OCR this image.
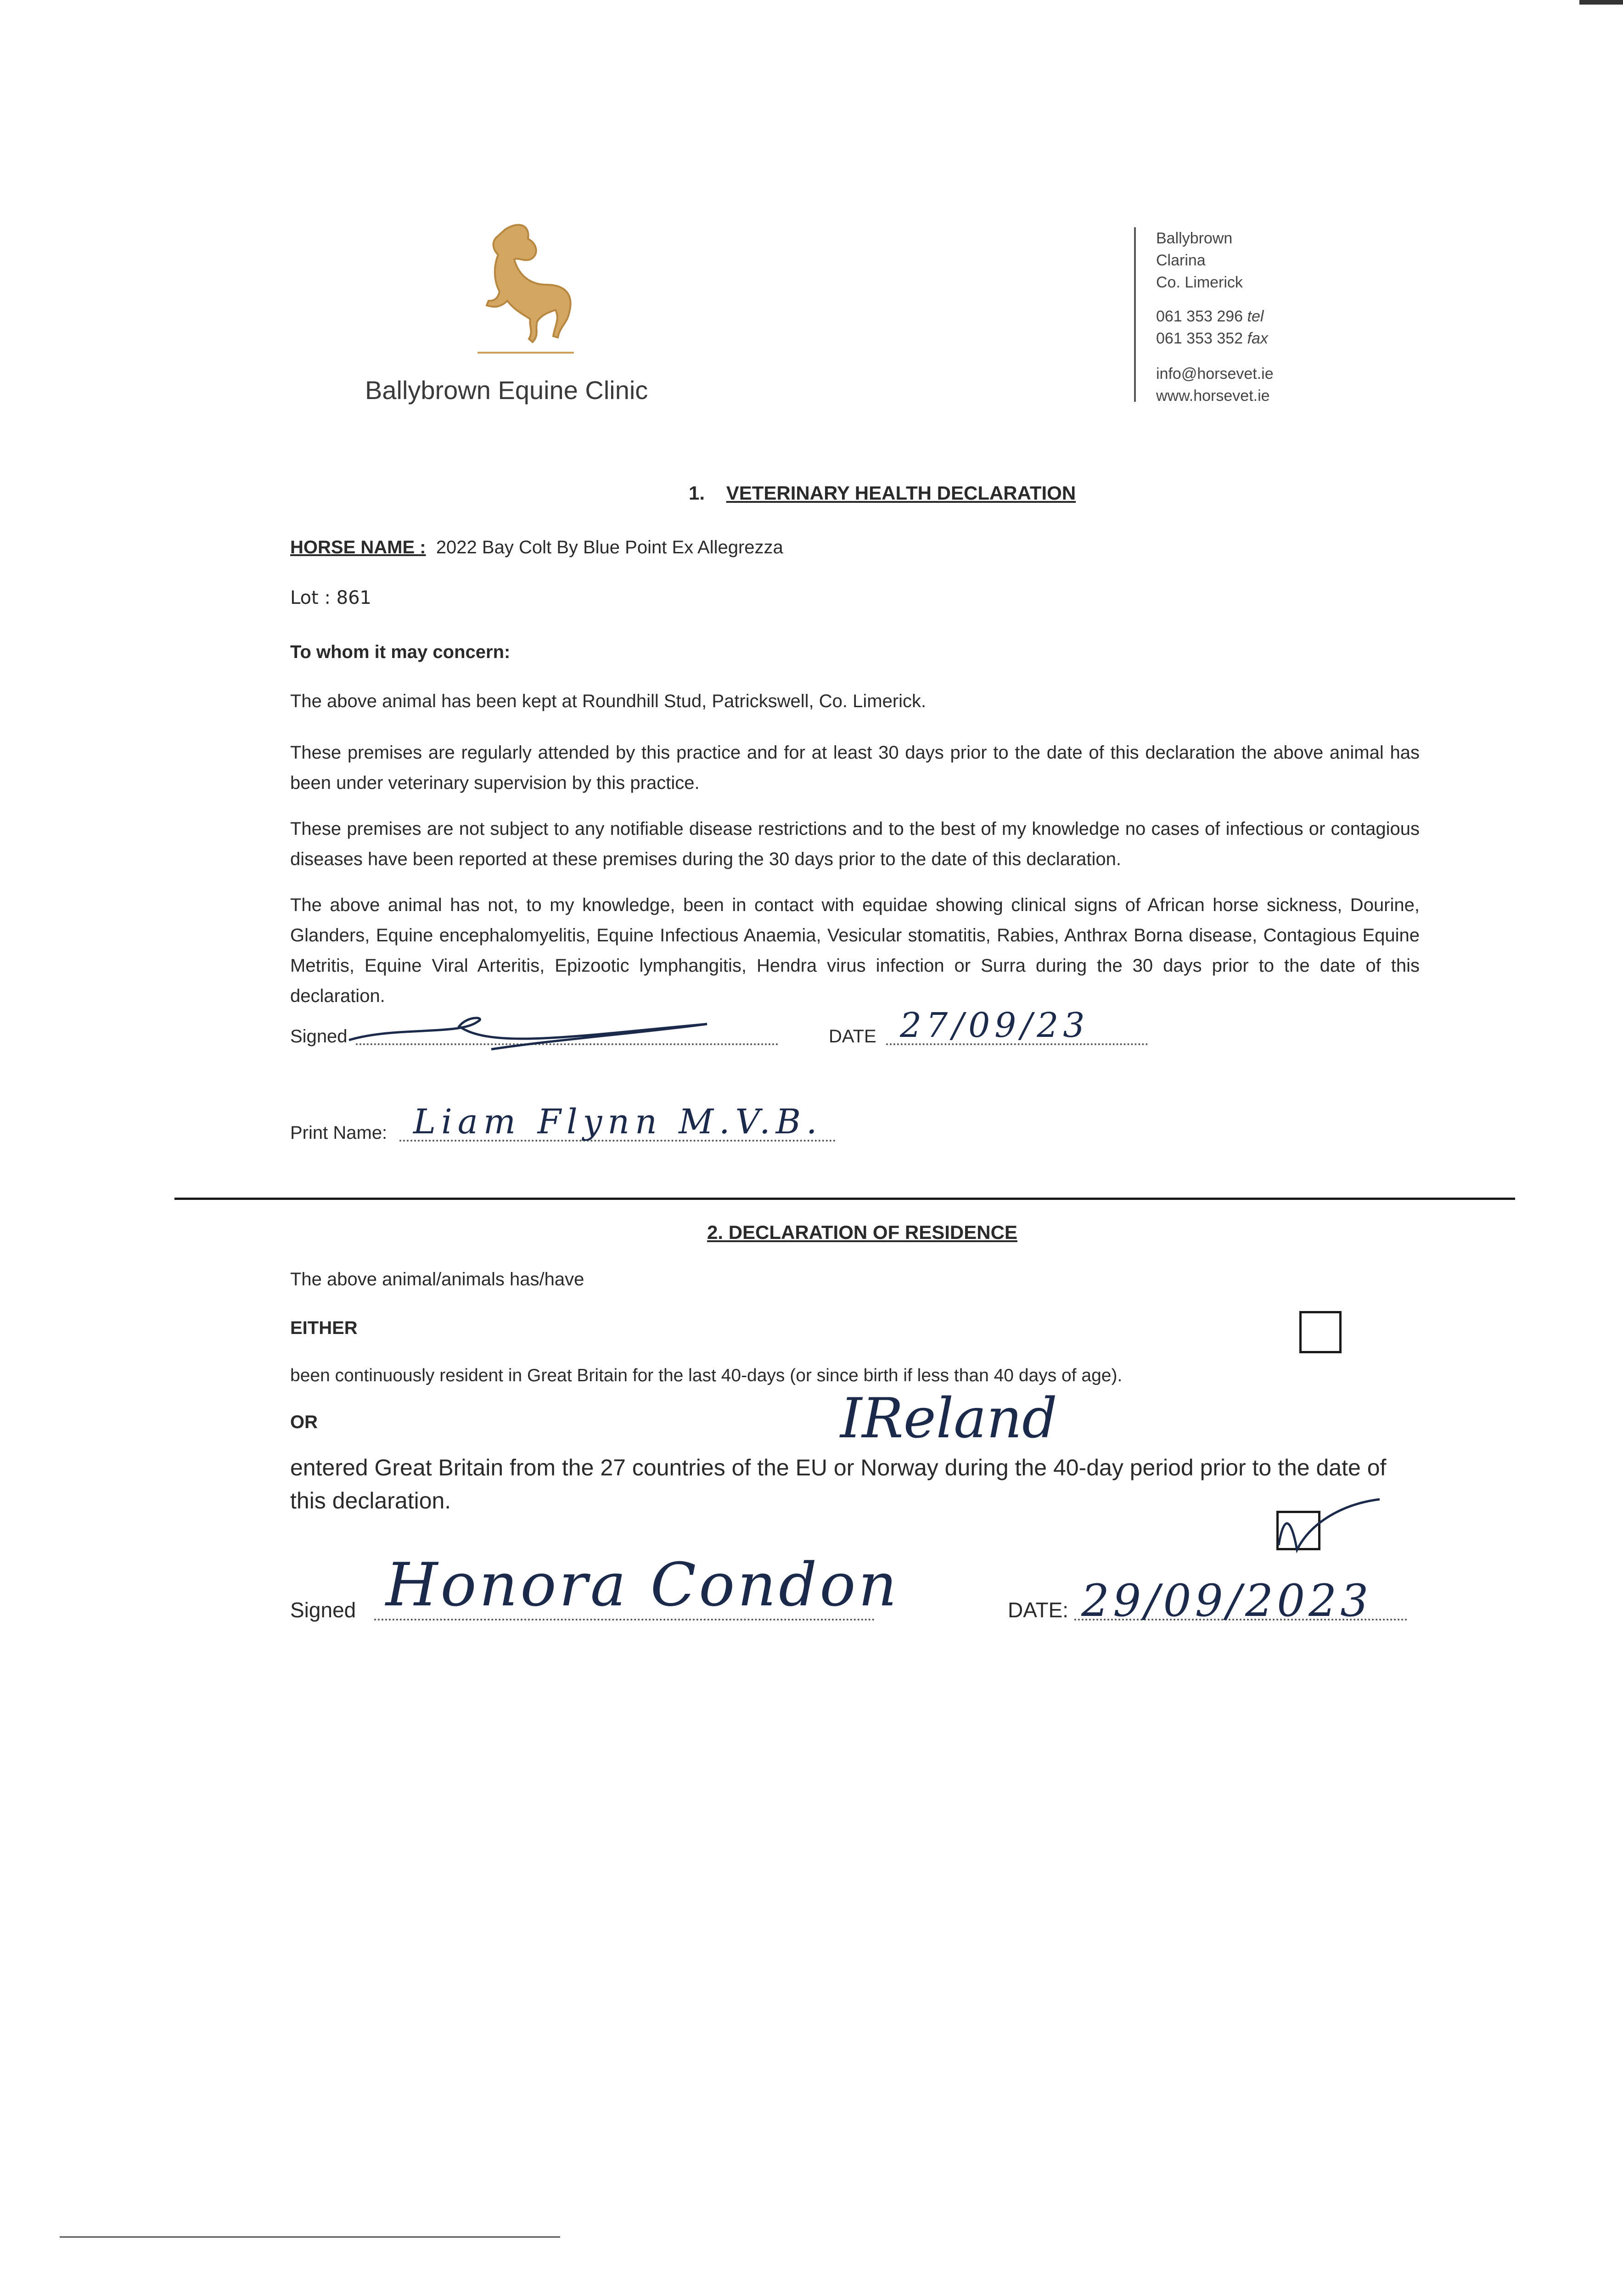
Ballybrown Equine Clinic
Ballybrown
Clarina
Co. Limerick
061 353 296 tel
061 353 352 fax
info@horsevet.ie
www.horsevet.ie
1. VETERINARY HEALTH DECLARATION
HORSE NAME : 2022 Bay Colt By Blue Point Ex Allegrezza
Lot : 861
To whom it may concern:
The above animal has been kept at Roundhill Stud, Patrickswell, Co. Limerick.
These premises are regularly attended by this practice and for at least 30 days prior to the date of this declaration the above animal has been under veterinary supervision by this practice.
These premises are not subject to any notifiable disease restrictions and to the best of my knowledge no cases of infectious or contagious diseases have been reported at these premises during the 30 days prior to the date of this declaration.
The above animal has not, to my knowledge, been in contact with equidae showing clinical signs of African horse sickness, Dourine, Glanders, Equine encephalomyelitis, Equine Infectious Anaemia, Vesicular stomatitis, Rabies, Anthrax Borna disease, Contagious Equine Metritis, Equine Viral Arteritis, Epizootic lymphangitis, Hendra virus infection or Surra during the 30 days prior to the date of this declaration.
Signed	DATE 27/09/23
Print Name: Liam Flynn M.V.B.
2. DECLARATION OF RESIDENCE
The above animal/animals has/have
EITHER
been continuously resident in Great Britain for the last 40-days (or since birth if less than 40 days of age).
OR	IReland
entered Great Britain from the 27 countries of the EU or Norway during the 40-day period prior to the date of this declaration.
Signed Honora Condon	DATE: 29/09/2023
